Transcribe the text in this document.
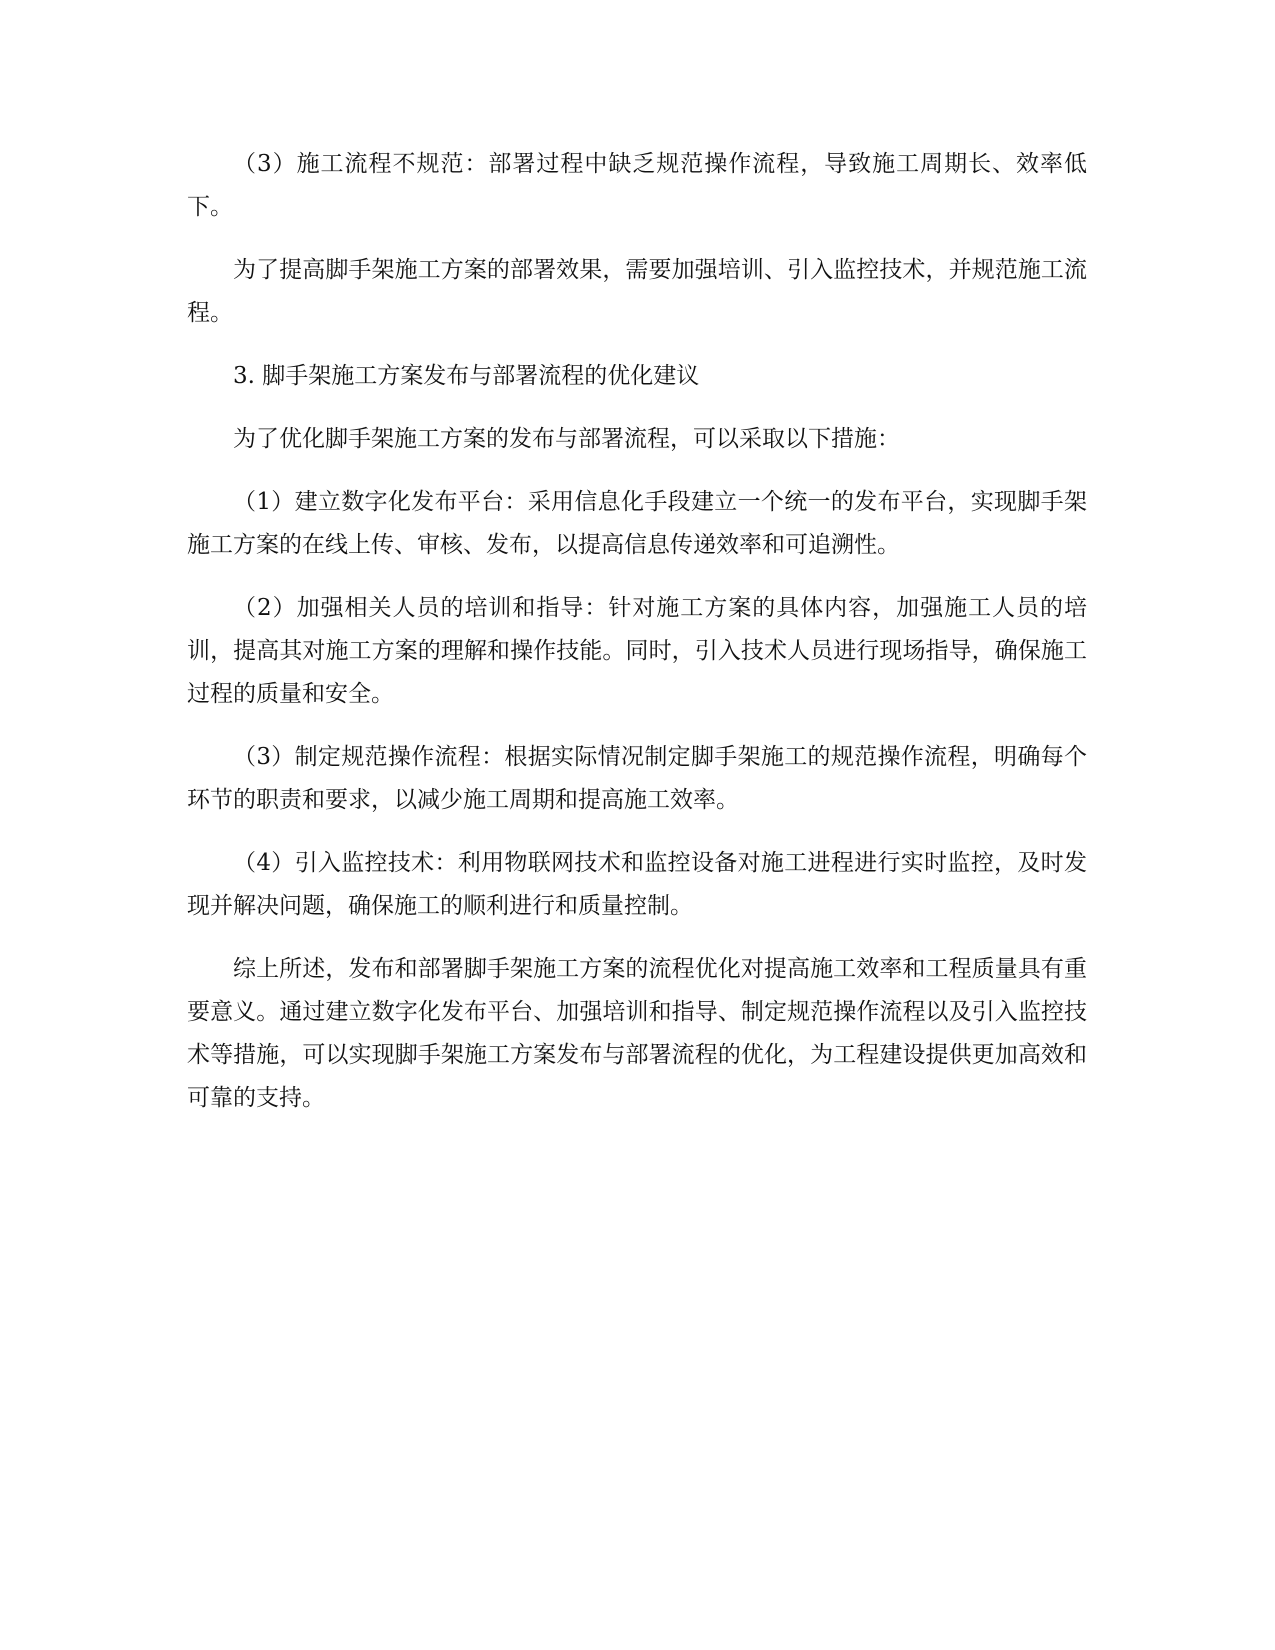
（3）施工流程不规范：部署过程中缺乏规范操作流程，导致施工周期长、效率低下。

为了提高脚手架施工方案的部署效果，需要加强培训、引入监控技术，并规范施工流程。

3. 脚手架施工方案发布与部署流程的优化建议

为了优化脚手架施工方案的发布与部署流程，可以采取以下措施：

（1）建立数字化发布平台：采用信息化手段建立一个统一的发布平台，实现脚手架施工方案的在线上传、审核、发布，以提高信息传递效率和可追溯性。

（2）加强相关人员的培训和指导：针对施工方案的具体内容，加强施工人员的培训，提高其对施工方案的理解和操作技能。同时，引入技术人员进行现场指导，确保施工过程的质量和安全。

（3）制定规范操作流程：根据实际情况制定脚手架施工的规范操作流程，明确每个环节的职责和要求，以减少施工周期和提高施工效率。

（4）引入监控技术：利用物联网技术和监控设备对施工进程进行实时监控，及时发现并解决问题，确保施工的顺利进行和质量控制。

综上所述，发布和部署脚手架施工方案的流程优化对提高施工效率和工程质量具有重要意义。通过建立数字化发布平台、加强培训和指导、制定规范操作流程以及引入监控技术等措施，可以实现脚手架施工方案发布与部署流程的优化，为工程建设提供更加高效和可靠的支持。
